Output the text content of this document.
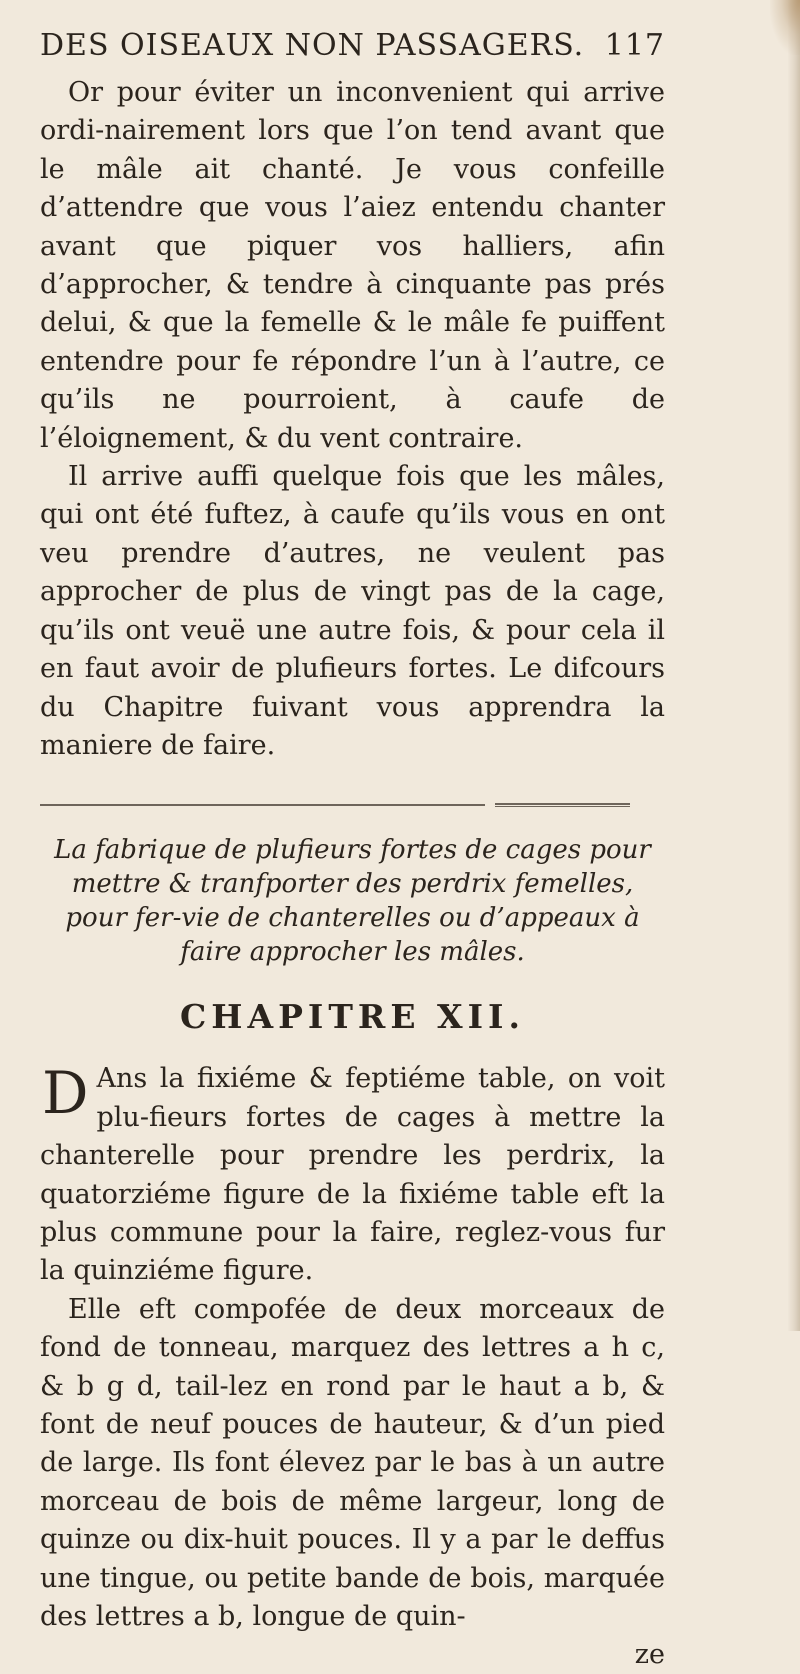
DES OISEAUX NON PASSAGERS. 117

Or pour éviter un inconvenient qui arrive ordi-nairement lors que l’on tend avant que le mâle ait chanté. Je vous confeille d’attendre que vous l’aiez entendu chanter avant que piquer vos halliers, afin d’approcher, & tendre à cinquante pas prés delui, & que la femelle & le mâle fe puiffent entendre pour fe répondre l’un à l’autre, ce qu’ils ne pourroient, à caufe de l’éloignement, & du vent contraire.

Il arrive auffi quelque fois que les mâles, qui ont été fuftez, à caufe qu’ils vous en ont veu prendre d’autres, ne veulent pas approcher de plus de vingt pas de la cage, qu’ils ont veuë une autre fois, & pour cela il en faut avoir de plufieurs fortes. Le difcours du Chapitre fuivant vous apprendra la maniere de faire.

La fabrique de plufieurs fortes de cages pour mettre & tranfporter des perdrix femelles, pour fer-vie de chanterelles ou d’appeaux à faire approcher les mâles.

CHAPITRE XII.

D Ans la fixiéme & feptiéme table, on voit plu-fieurs fortes de cages à mettre la chanterelle pour prendre les perdrix, la quatorziéme figure de la fixiéme table eft la plus commune pour la faire, reglez-vous fur la quinziéme figure.

Elle eft compofée de deux morceaux de fond de tonneau, marquez des lettres a h c, & b g d, tail-lez en rond par le haut a b, & font de neuf pouces de hauteur, & d’un pied de large. Ils font élevez par le bas à un autre morceau de bois de même largeur, long de quinze ou dix-huit pouces. Il y a par le deffus une tingue, ou petite bande de bois, marquée des lettres a b, longue de quin-

ze
